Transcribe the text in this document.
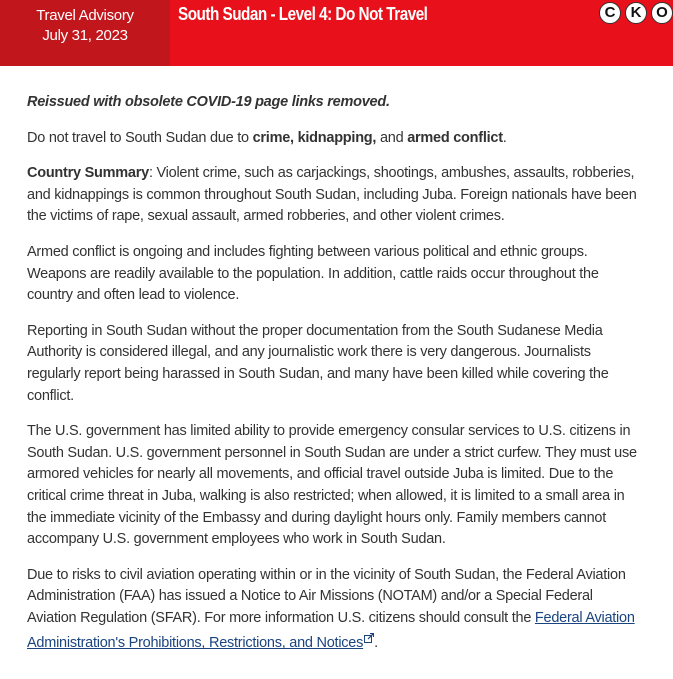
Travel Advisory
July 31, 2023
South Sudan - Level 4: Do Not Travel	C	K O

Reissued with obsolete COVID-19 page links removed.

Do not travel to South Sudan due to crime, kidnapping, and armed conflict.

Country Summary: Violent crime, such as carjackings, shootings, ambushes, assaults, robberies, and kidnappings is common throughout South Sudan, including Juba. Foreign nationals have been the victims of rape, sexual assault, armed robberies, and other violent crimes.

Armed conflict is ongoing and includes fighting between various political and ethnic groups. Weapons are readily available to the population. In addition, cattle raids occur throughout the country and often lead to violence.

Reporting in South Sudan without the proper documentation from the South Sudanese Media Authority is considered illegal, and any journalistic work there is very dangerous. Journalists regularly report being harassed in South Sudan, and many have been killed while covering the conflict.

The U.S. government has limited ability to provide emergency consular services to U.S. citizens in South Sudan. U.S. government personnel in South Sudan are under a strict curfew. They must use armored vehicles for nearly all movements, and official travel outside Juba is limited. Due to the critical crime threat in Juba, walking is also restricted; when allowed, it is limited to a small area in the immediate vicinity of the Embassy and during daylight hours only. Family members cannot accompany U.S. government employees who work in South Sudan.

Due to risks to civil aviation operating within or in the vicinity of South Sudan, the Federal Aviation Administration (FAA) has issued a Notice to Air Missions (NOTAM) and/or a Special Federal Aviation Regulation (SFAR). For more information U.S. citizens should consult the Federal Aviation Administration's Prohibitions, Restrictions, and Notices .
